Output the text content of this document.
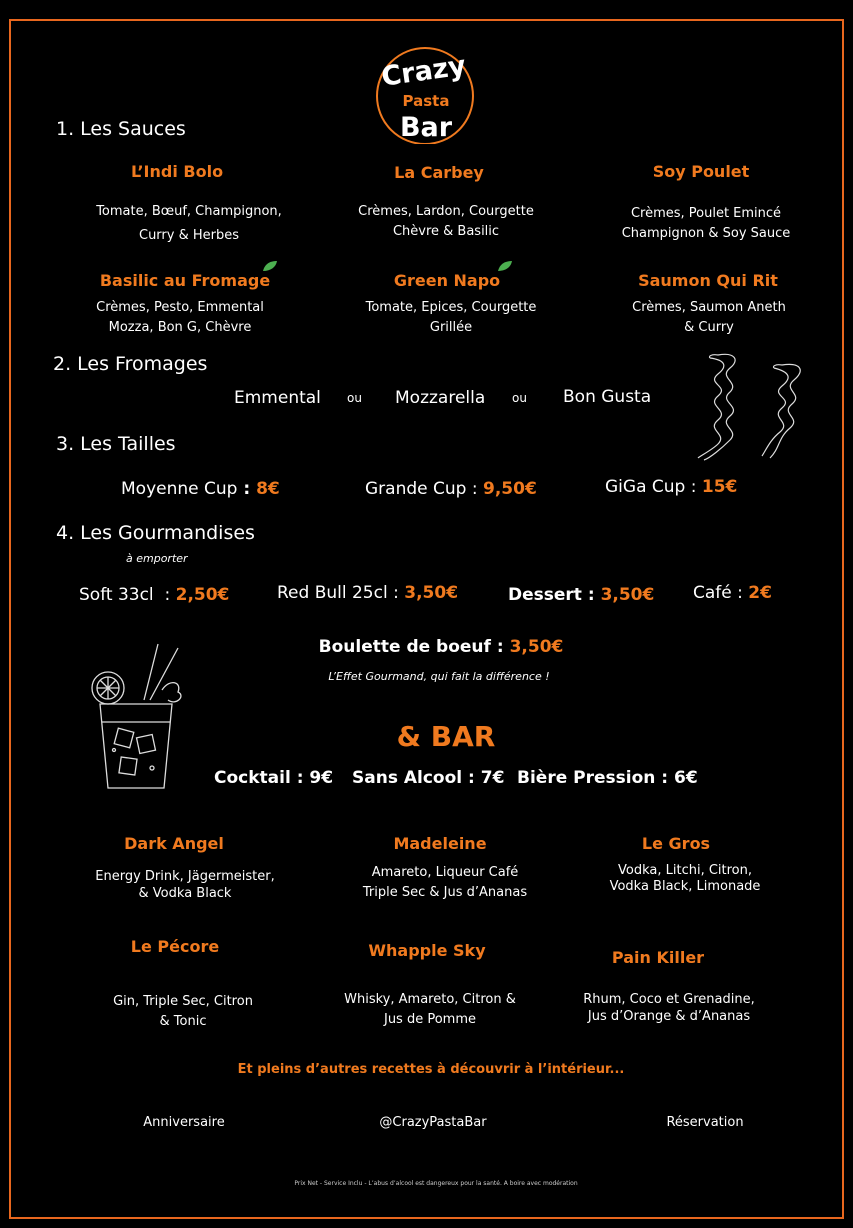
Crazy
Pasta
Bar
1. Les Sauces
L’Indi Bolo
Tomate, Bœuf, Champignon,
Curry & Herbes
La Carbey
Crèmes, Lardon, Courgette
Chèvre & Basilic
Soy Poulet
Crèmes, Poulet Emincé
Champignon & Soy Sauce
Basilic au Fromage
Crèmes, Pesto, Emmental
Mozza, Bon G, Chèvre
Green Napo
Tomate, Epices, Courgette
Grillée
Saumon Qui Rit
Crèmes, Saumon Aneth
& Curry
2. Les Fromages
Emmental ou Mozzarella ou Bon Gusta
3. Les Tailles
Moyenne Cup : 8€	Grande Cup : 9,50€	GiGa Cup : 15€
4. Les Gourmandises
à emporter
Soft 33cl  : 2,50€	Red Bull 25cl : 3,50€	Dessert : 3,50€ Café : 2€
Boulette de boeuf : 3,50€
L’Effet Gourmand, qui fait la différence !
& BAR
Cocktail : 9€ Sans Alcool : 7€ Bière Pression : 6€
Dark Angel
Energy Drink, Jägermeister,
& Vodka Black
Madeleine
Amareto, Liqueur Café
Triple Sec & Jus d’Ananas
Le Gros
Vodka, Litchi, Citron,
Vodka Black, Limonade
Le Pécore
Gin, Triple Sec, Citron
& Tonic
Whapple Sky
Whisky, Amareto, Citron &
Jus de Pomme
Pain Killer
Rhum, Coco et Grenadine,
Jus d’Orange & d’Ananas
Et pleins d’autres recettes à découvrir à l’intérieur...
Anniversaire	@CrazyPastaBar	Réservation
Prix Net - Service Inclu - L’abus d’alcool est dangereux pour la santé. A boire avec modération
